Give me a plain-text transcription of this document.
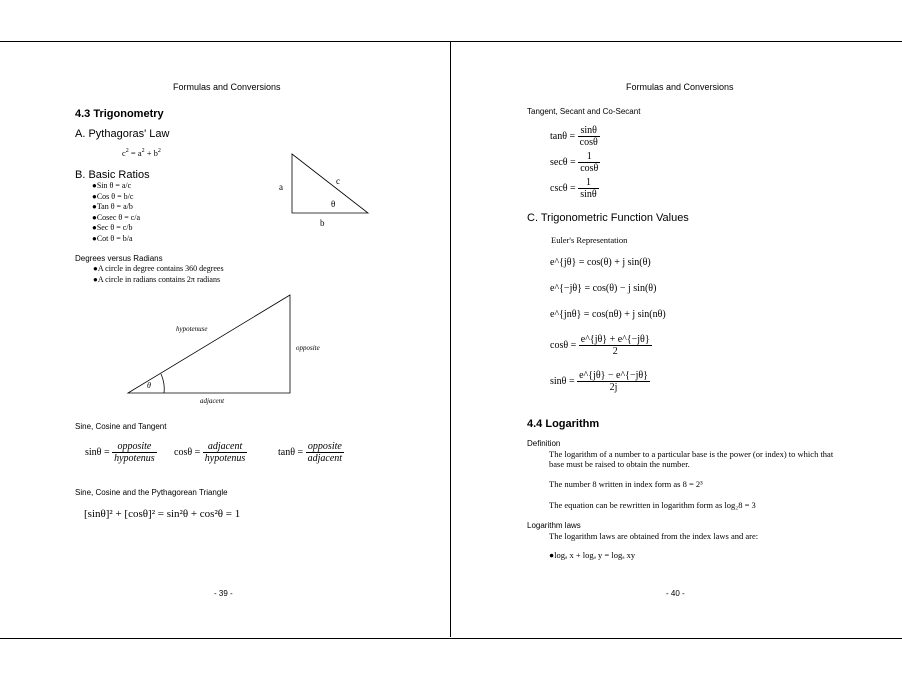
Formulas and Conversions
4.3 Trigonometry
A. Pythagoras' Law
$c^2 = a^2 + b^2$
B. Basic Ratios
●Sin θ = a/c
●Cos θ = b/c
●Tan θ = a/b
●Cosec θ = c/a
●Sec θ = c/b
●Cot θ = b/a
a
c
b
θ
Degrees versus Radians
●A circle in degree contains 360 degrees
●A circle in radians contains 2π radians
hypotenuse
opposite
adjacent
θ
Sine, Cosine and Tangent
$\sin\theta = \frac{\text{opposite}}{\text{hypotenus}}$ $\cos\theta = \frac{\text{adjacent}}{\text{hypotenus}}$	$\tan\theta = \frac{\text{opposite}}{\text{adjacent}}$
Sine, Cosine and the Pythagorean Triangle
[sinθ]² + [cosθ]² = sin²θ + cos²θ = 1
- 39 -
Formulas and Conversions
Tangent, Secant and Co-Secant
$\tan\theta = \frac{\sin\theta}{\cos\theta}$
$\sec\theta = \frac{1}{\cos\theta}$
$\csc\theta = \frac{1}{\sin\theta}$
C. Trigonometric Function Values
Euler's Representation
e^{jθ} = cos(θ) + j sin(θ)
e^{−jθ} = cos(θ) − j sin(θ)
e^{jnθ} = cos(nθ) + j sin(nθ)
$\cos\theta = \frac{e\^{}\{j\theta\} + e\^{}\{-j\theta\}}{2}$
$\sin\theta = \frac{e\^{}\{j\theta\} - e\^{}\{-j\theta\}}{2j}$
4.4 Logarithm
Definition
The logarithm of a number to a particular base is the power (or index) to which that
base must be raised to obtain the number.
The number 8 written in index form as 8 = 2³
The equation can be rewritten in logarithm form as log₂8 = 3
Logarithm laws
The logarithm laws are obtained from the index laws and are:
●logₐ x + logₐ y = logₐ xy
- 40 -
